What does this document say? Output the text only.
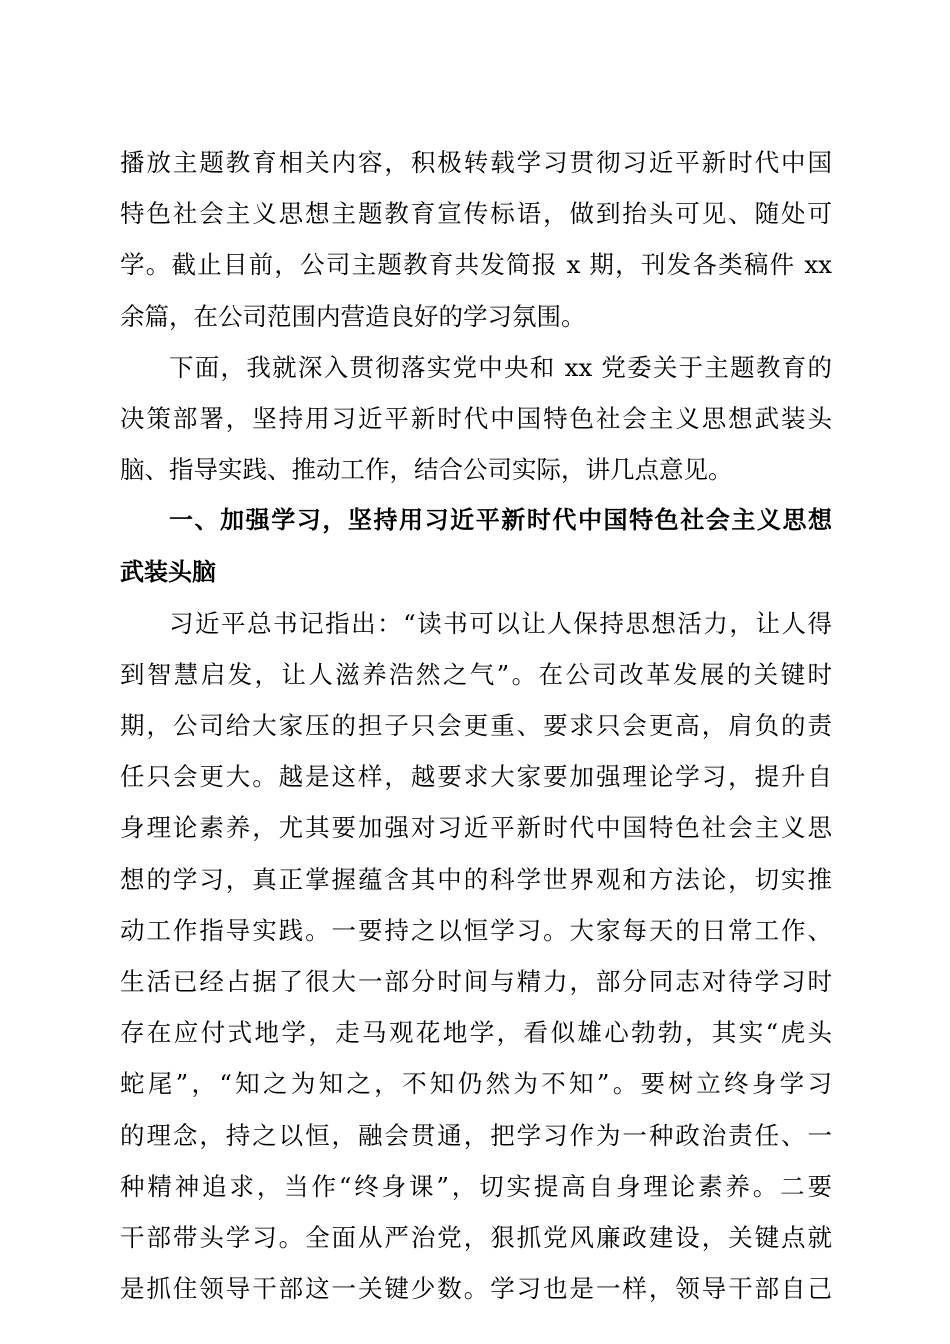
播放主题教育相关内容，积极转载学习贯彻习近平新时代中国
特色社会主义思想主题教育宣传标语，做到抬头可见、随处可
学。截止目前，公司主题教育共发简报 x 期，刊发各类稿件 xx
余篇，在公司范围内营造良好的学习氛围。
下面，我就深入贯彻落实党中央和 xx 党委关于主题教育的
决策部署，坚持用习近平新时代中国特色社会主义思想武装头
脑、指导实践、推动工作，结合公司实际，讲几点意见。
一、加强学习，坚持用习近平新时代中国特色社会主义思想
武装头脑
习近平总书记指出：“读书可以让人保持思想活力，让人得
到智慧启发，让人滋养浩然之气”。在公司改革发展的关键时
期，公司给大家压的担子只会更重、要求只会更高，肩负的责
任只会更大。越是这样，越要求大家要加强理论学习，提升自
身理论素养，尤其要加强对习近平新时代中国特色社会主义思
想的学习，真正掌握蕴含其中的科学世界观和方法论，切实推
动工作指导实践。一要持之以恒学习。大家每天的日常工作、
生活已经占据了很大一部分时间与精力，部分同志对待学习时
存在应付式地学，走马观花地学，看似雄心勃勃，其实“虎头
蛇尾”，“知之为知之，不知仍然为不知”。要树立终身学习
的理念，持之以恒，融会贯通，把学习作为一种政治责任、一
种精神追求，当作“终身课”，切实提高自身理论素养。二要
干部带头学习。全面从严治党，狠抓党风廉政建设，关键点就
是抓住领导干部这一关键少数。学习也是一样，领导干部自己
